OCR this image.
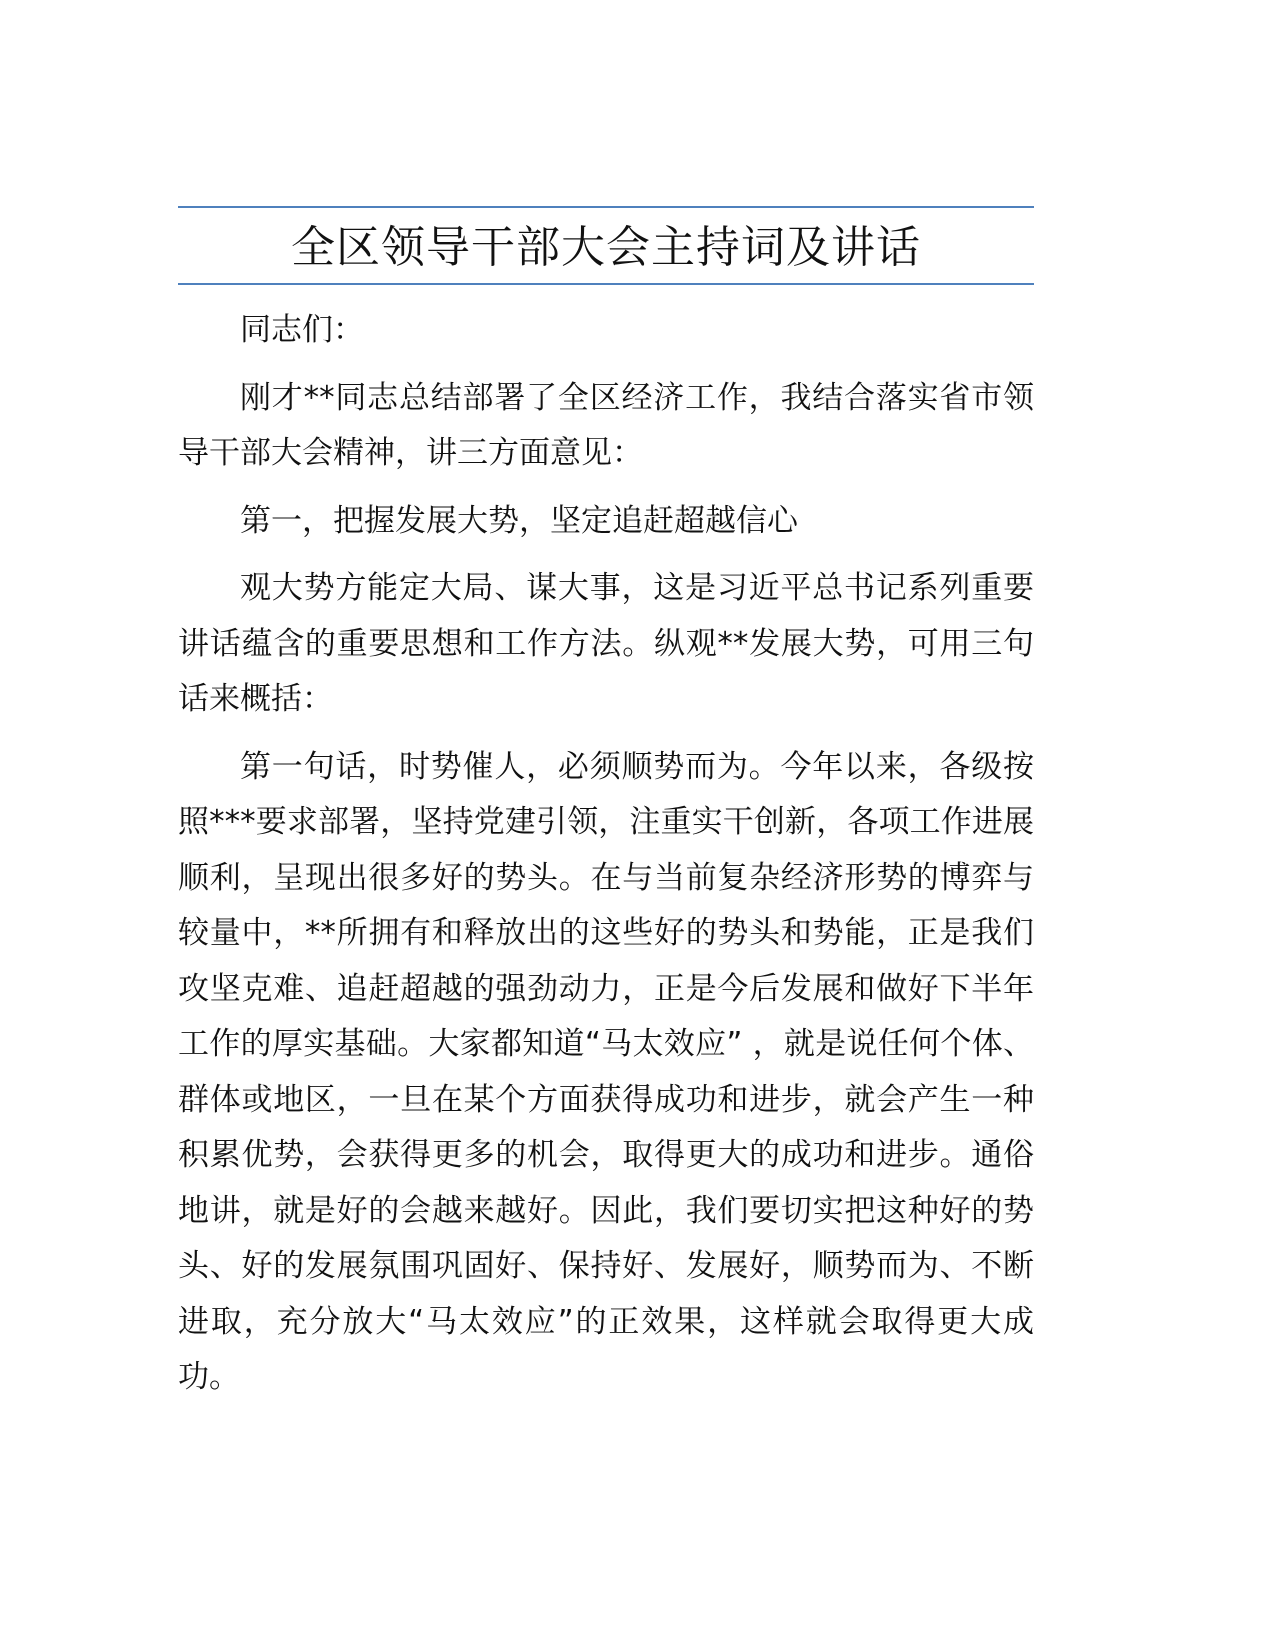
全区领导干部大会主持词及讲话

同志们：

刚才**同志总结部署了全区经济工作，我结合落实省市领导干部大会精神，讲三方面意见：

第一，把握发展大势，坚定追赶超越信心

观大势方能定大局、谋大事，这是习近平总书记系列重要讲话蕴含的重要思想和工作方法。纵观**发展大势，可用三句话来概括：

第一句话，时势催人，必须顺势而为。今年以来，各级按照***要求部署，坚持党建引领，注重实干创新，各项工作进展顺利，呈现出很多好的势头。在与当前复杂经济形势的博弈与较量中，**所拥有和释放出的这些好的势头和势能，正是我们攻坚克难、追赶超越的强劲动力，正是今后发展和做好下半年工作的厚实基础。大家都知道“马太效应” ，就是说任何个体、群体或地区，一旦在某个方面获得成功和进步，就会产生一种积累优势，会获得更多的机会，取得更大的成功和进步。通俗地讲，就是好的会越来越好。因此，我们要切实把这种好的势头、好的发展氛围巩固好、保持好、发展好，顺势而为、不断进取，充分放大“马太效应”的正效果，这样就会取得更大成功。
